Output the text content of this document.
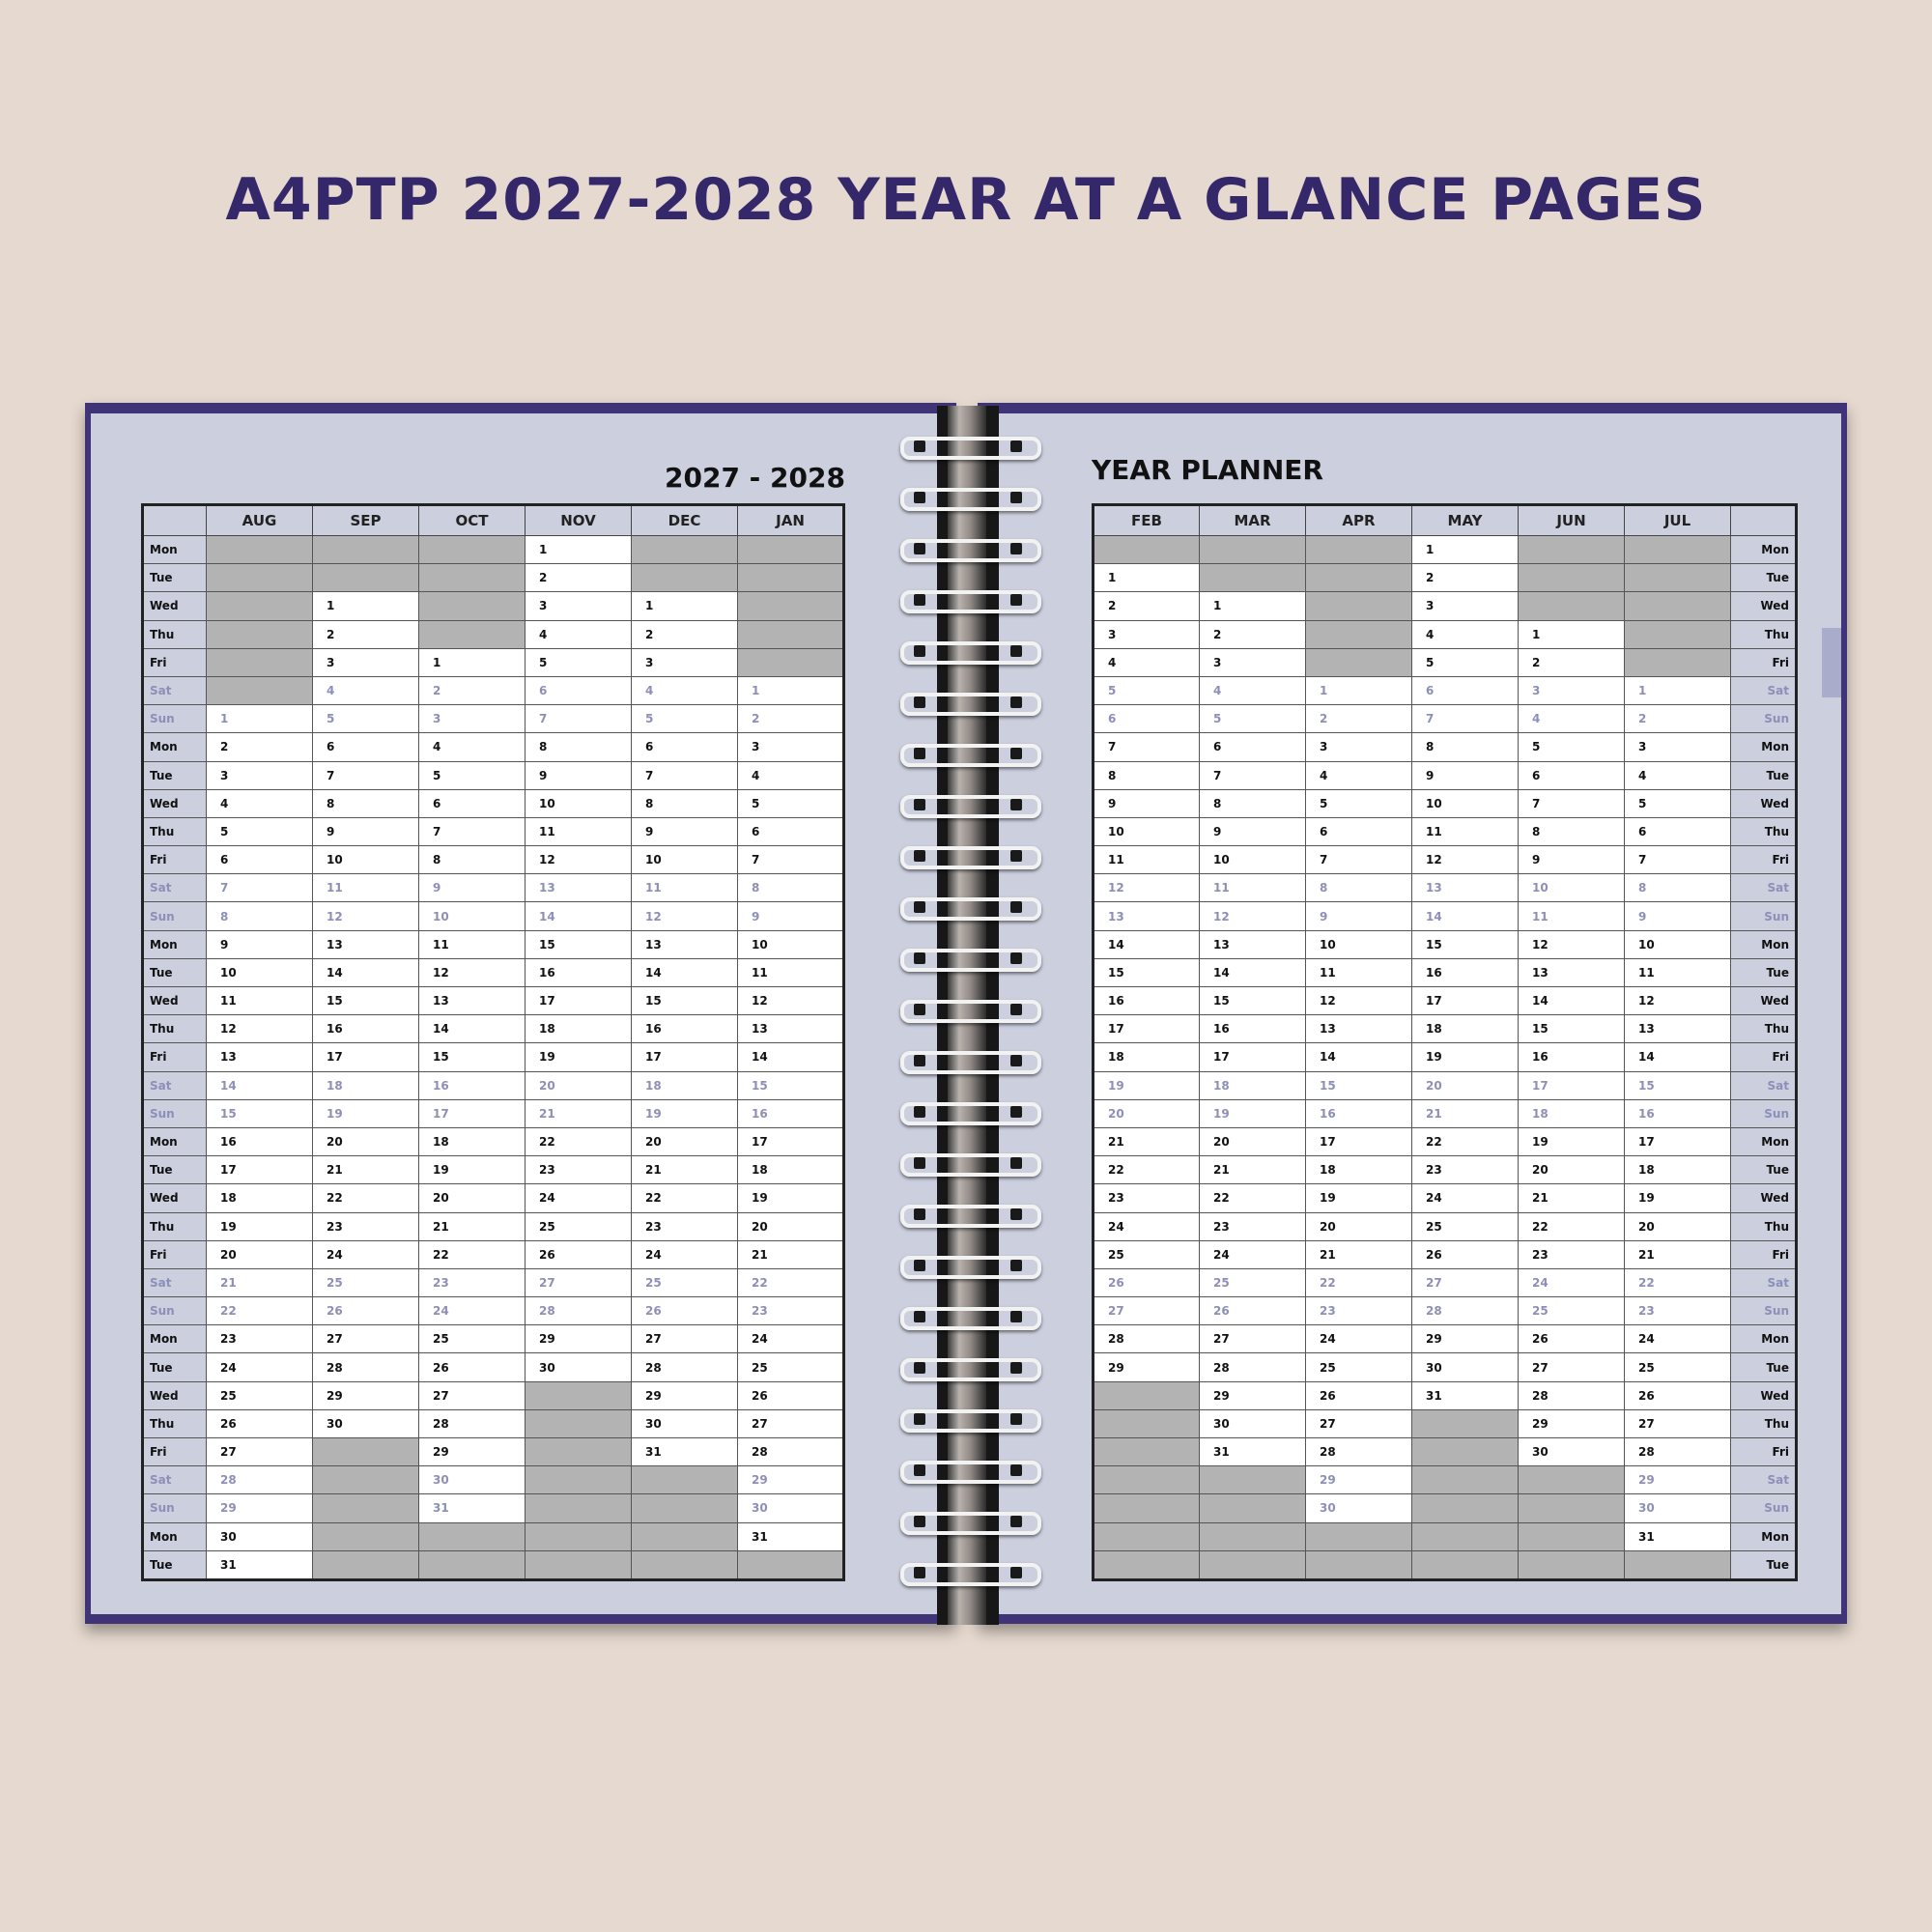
A4PTP 2027-2028 YEAR AT A GLANCE PAGES

2027 - 2028	YEAR PLANNER

	AUG	SEP	OCT	NOV	DEC	JAN
Mon				1		
Tue				2		
Wed		1		3	1	
Thu		2		4	2	
Fri		3	1	5	3	
Sat		4	2	6	4	1
Sun	1	5	3	7	5	2
Mon	2	6	4	8	6	3
Tue	3	7	5	9	7	4
Wed	4	8	6	10	8	5
Thu	5	9	7	11	9	6
Fri	6	10	8	12	10	7
Sat	7	11	9	13	11	8
Sun	8	12	10	14	12	9
Mon	9	13	11	15	13	10
Tue	10	14	12	16	14	11
Wed	11	15	13	17	15	12
Thu	12	16	14	18	16	13
Fri	13	17	15	19	17	14
Sat	14	18	16	20	18	15
Sun	15	19	17	21	19	16
Mon	16	20	18	22	20	17
Tue	17	21	19	23	21	18
Wed	18	22	20	24	22	19
Thu	19	23	21	25	23	20
Fri	20	24	22	26	24	21
Sat	21	25	23	27	25	22
Sun	22	26	24	28	26	23
Mon	23	27	25	29	27	24
Tue	24	28	26	30	28	25
Wed	25	29	27		29	26
Thu	26	30	28		30	27
Fri	27		29		31	28
Sat	28		30			29
Sun	29		31			30
Mon	30					31
Tue	31					
FEB	MAR	APR	MAY	JUN	JUL	
			1			Mon
1			2			Tue
2	1		3			Wed
3	2		4	1		Thu
4	3		5	2		Fri
5	4	1	6	3	1	Sat
6	5	2	7	4	2	Sun
7	6	3	8	5	3	Mon
8	7	4	9	6	4	Tue
9	8	5	10	7	5	Wed
10	9	6	11	8	6	Thu
11	10	7	12	9	7	Fri
12	11	8	13	10	8	Sat
13	12	9	14	11	9	Sun
14	13	10	15	12	10	Mon
15	14	11	16	13	11	Tue
16	15	12	17	14	12	Wed
17	16	13	18	15	13	Thu
18	17	14	19	16	14	Fri
19	18	15	20	17	15	Sat
20	19	16	21	18	16	Sun
21	20	17	22	19	17	Mon
22	21	18	23	20	18	Tue
23	22	19	24	21	19	Wed
24	23	20	25	22	20	Thu
25	24	21	26	23	21	Fri
26	25	22	27	24	22	Sat
27	26	23	28	25	23	Sun
28	27	24	29	26	24	Mon
29	28	25	30	27	25	Tue
	29	26	31	28	26	Wed
	30	27		29	27	Thu
	31	28		30	28	Fri
		29			29	Sat
		30			30	Sun
					31	Mon
						Tue
